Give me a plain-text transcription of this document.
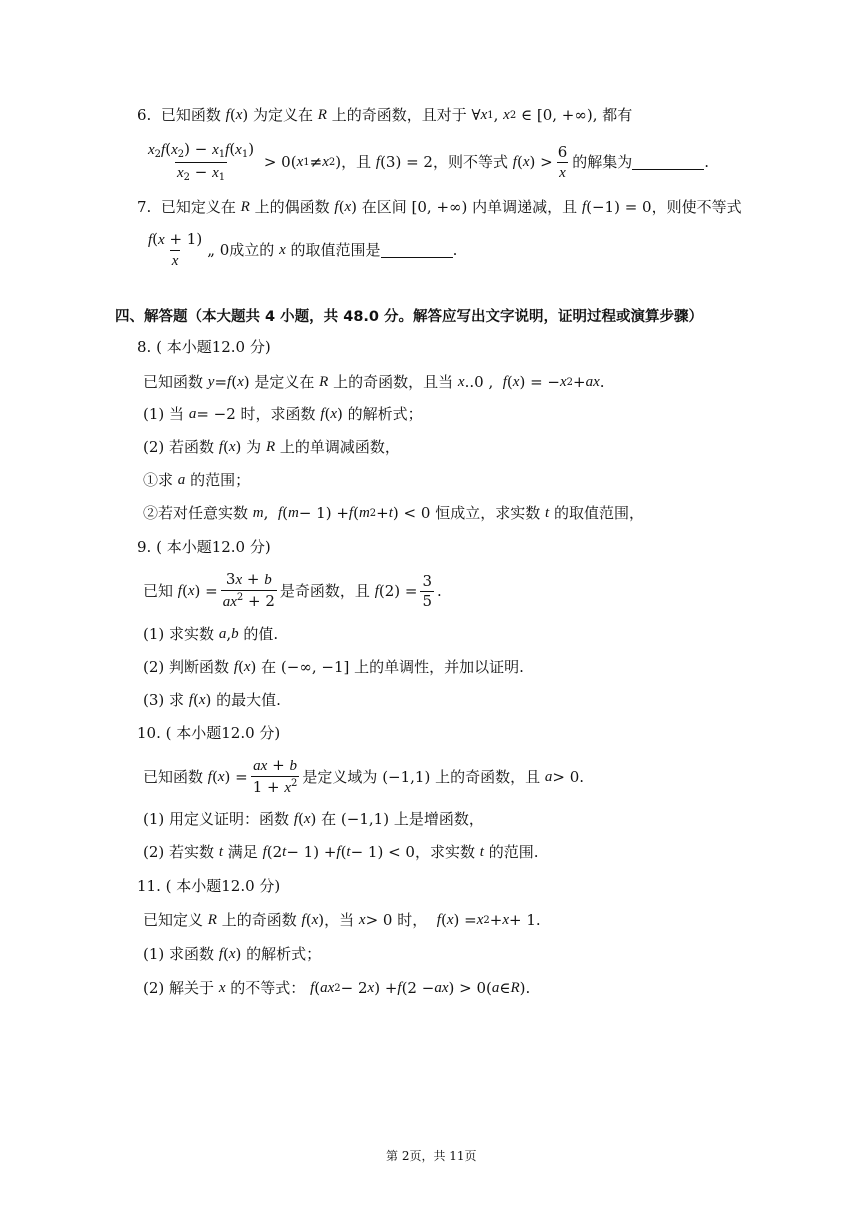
6.
已知函数
f ( x ) 为定义在
R
上的奇函数，且对于 ∀ x 1 , x 2 ∈ [0, +∞), 都有
$\frac{x_2f(x_2) - x_1f(x_1)}{x_2 - x_1} > 0$( x 1 ≠ x 2 ) ，且
f (3) = 2 ，则不等式
f ( x ) > $\frac{6}{x}$ 的解集为	.
7.
已知定义在
R
上的偶函数
f ( x ) 在区间 [0, +∞) 内单调递减，且
f (−1) = 0 ，则使不等式
$\frac{f(x + 1)}{x}$ „ 0 成立的
x
的取值范围是	.
四、解答题（本大题共 4 小题，共 48.0 分。解答应写出文字说明，证明过程或演算步骤）
8. ( 本小题12.0 分)
已知函数
y = f ( x ) 是定义在
R
上的奇函数，且当
x ..0 , f ( x ) = − x 2 + ax .
(1) 当
a = −2 时，求函数
f ( x ) 的解析式；
(2) 若函数
f ( x ) 为
R
上的单调减函数，
①求
a
的范围；
②若对任意实数
m , f ( m − 1) + f ( m 2 + t ) < 0 恒成立，求实数
t
的取值范围，
9. ( 本小题12.0 分)
已知
f ( x ) = $\frac{3x + b}{ax^2 + 2}$ 是奇函数，且
f $(2) = \frac{3}{5}$ .
(1) 求实数
a , b
的值.
(2) 判断函数
f ( x ) 在 (−∞, −1] 上的单调性，并加以证明.
(3) 求
f ( x ) 的最大值.
10. ( 本小题12.0 分)
已知函数
f ( x ) = $\frac{ax + b}{1 + x^2}$ 是定义域为 (−1,1) 上的奇函数，且
a > 0.
(1) 用定义证明：函数
f ( x ) 在 (−1,1) 上是增函数，
(2) 若实数
t
满足
f (2 t − 1) + f ( t − 1) < 0 ，求实数
t
的范围.
11. ( 本小题12.0 分)
已知定义
R
上的奇函数
f ( x ) ，当
x > 0 时，
f ( x ) = x 2 + x + 1.
(1) 求函数
f ( x ) 的解析式；
(2) 解关于
x
的不等式：
f ( ax 2 − 2 x ) + f (2 − ax ) > 0( a ∈ R ).
第 2页，共 11页
